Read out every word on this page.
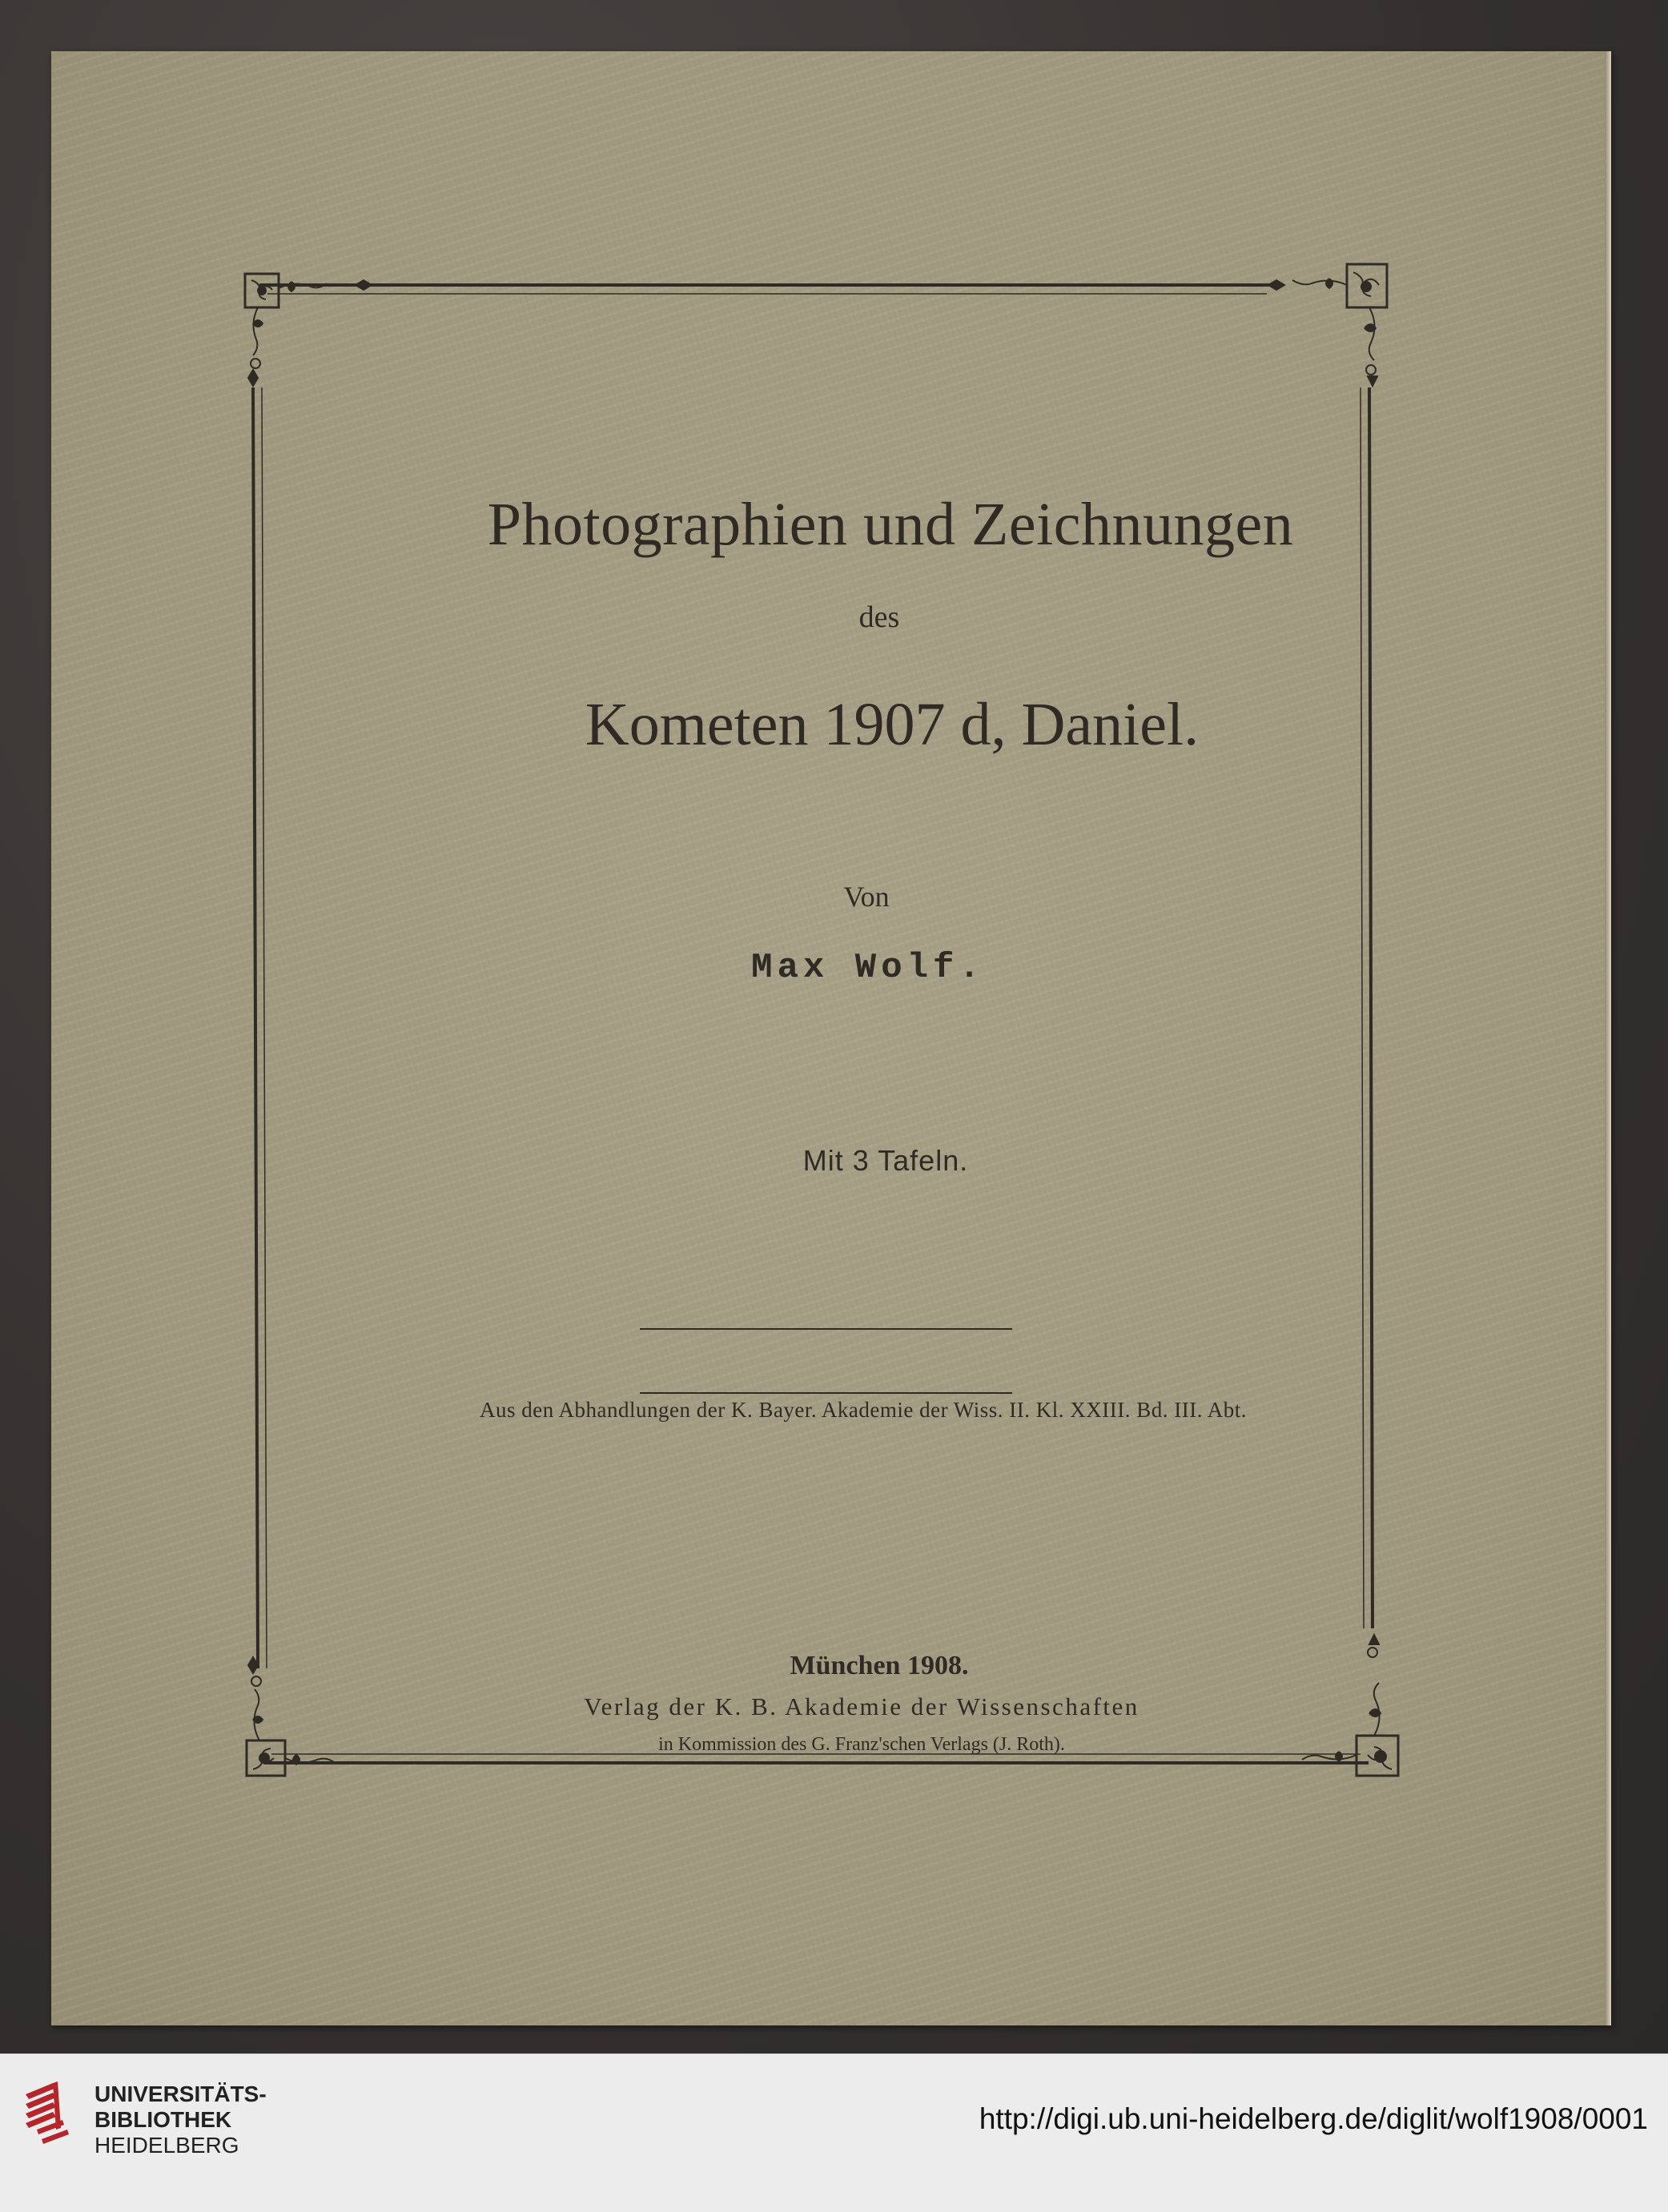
Photographien und Zeichnungen
des
Kometen 1907 d, Daniel.
Von
Max Wolf.
Mit 3 Tafeln.
Aus den Abhandlungen der K. Bayer. Akademie der Wiss. II. Kl. XXIII. Bd. III. Abt.
München 1908.
Verlag der K. B. Akademie der Wissenschaften
in Kommission des G. Franz'schen Verlags (J. Roth).
UNIVERSITÄTS-
BIBLIOTHEK
HEIDELBERG
http://digi.ub.uni-heidelberg.de/diglit/wolf1908/0001
